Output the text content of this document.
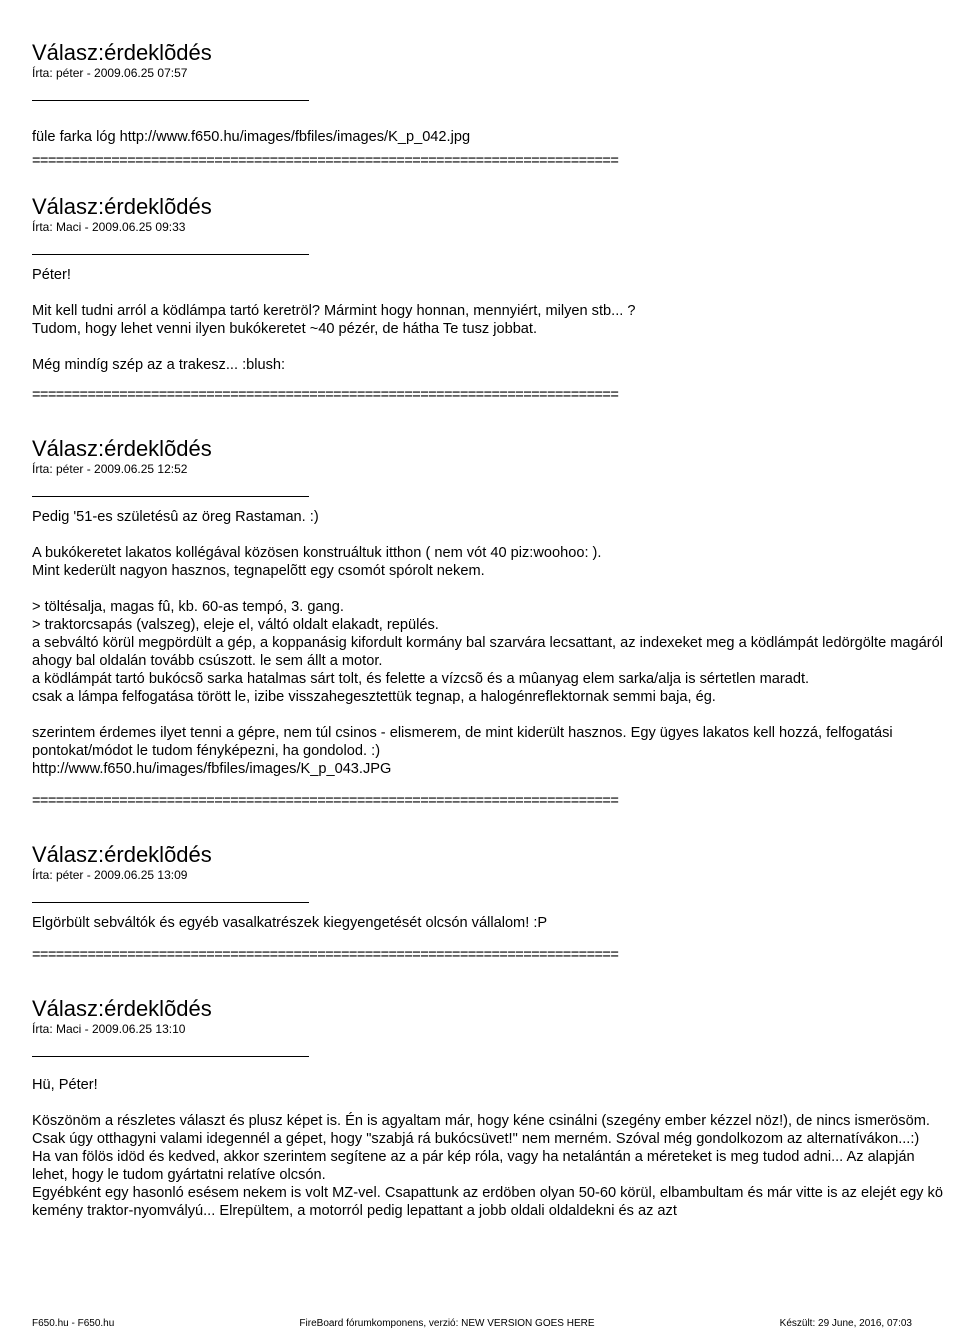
Válasz:érdeklõdés
Írta: péter - 2009.06.25 07:57

füle farka lóg http://www.f650.hu/images/fbfiles/images/K_p_042.jpg

==========================================================================
Válasz:érdeklõdés
Írta: Maci - 2009.06.25 09:33

Péter!

Mit kell tudni arról a ködlámpa tartó keretröl? Mármint hogy honnan, mennyiért, milyen stb... ?

Tudom, hogy lehet venni ilyen bukókeretet ~40 pézér, de hátha Te tusz jobbat.

Még mindíg szép az a trakesz... :blush:

==========================================================================
Válasz:érdeklõdés
Írta: péter - 2009.06.25 12:52

Pedig '51-es születésû az öreg Rastaman. :)

A bukókeretet lakatos kollégával közösen konstruáltuk itthon ( nem vót 40 piz:woohoo: ).

Mint kederült nagyon hasznos, tegnapelõtt egy csomót spórolt nekem.

> töltésalja, magas fû, kb. 60-as tempó, 3. gang.

> traktorcsapás (valszeg), eleje el, váltó oldalt elakadt, repülés.

a sebváltó körül megpördült a gép, a koppanásig kifordult kormány bal szarvára lecsattant, az indexeket meg a ködlámpát ledörgölte magáról ahogy bal oldalán tovább csúszott. le sem állt a motor.

a ködlámpát tartó bukócsõ sarka hatalmas sárt tolt, és felette a vízcsõ és a mûanyag elem sarka/alja is sértetlen maradt.

csak a lámpa felfogatása törött le, izibe visszahegesztettük tegnap, a halogénreflektornak semmi baja, ég.

szerintem érdemes ilyet tenni a gépre, nem túl csinos - elismerem, de mint kiderült hasznos. Egy ügyes lakatos kell hozzá, felfogatási pontokat/módot le tudom fényképezni, ha gondolod. :)

http://www.f650.hu/images/fbfiles/images/K_p_043.JPG

==========================================================================
Válasz:érdeklõdés
Írta: péter - 2009.06.25 13:09

Elgörbült sebváltók és egyéb vasalkatrészek kiegyengetését olcsón vállalom! :P

==========================================================================
Válasz:érdeklõdés
Írta: Maci - 2009.06.25 13:10

Hü, Péter!

Köszönöm a részletes választ és plusz képet is. Én is agyaltam már, hogy kéne csinálni (szegény ember kézzel nöz!), de nincs ismerösöm. Csak úgy otthagyni valami idegennél a gépet, hogy "szabjá rá bukócsüvet!" nem merném. Szóval még gondolkozom az alternatívákon...:)

Ha van fölös idöd és kedved, akkor szerintem segítene az a pár kép róla, vagy ha netalántán a méreteket is meg tudod adni... Az alapján lehet, hogy le tudom gyártatni relatíve olcsón.

Egyébként egy hasonló esésem nekem is volt MZ-vel. Csapattunk az erdöben olyan 50-60 körül, elbambultam és már vitte is az elejét egy kö kemény traktor-nyomvályú... Elrepültem, a motorról pedig lepattant a jobb oldali oldaldekni és az azt

F650.hu - F650.hu	FireBoard fórumkomponens, verzió: NEW VERSION GOES HERE	Készült: 29 June, 2016, 07:03
